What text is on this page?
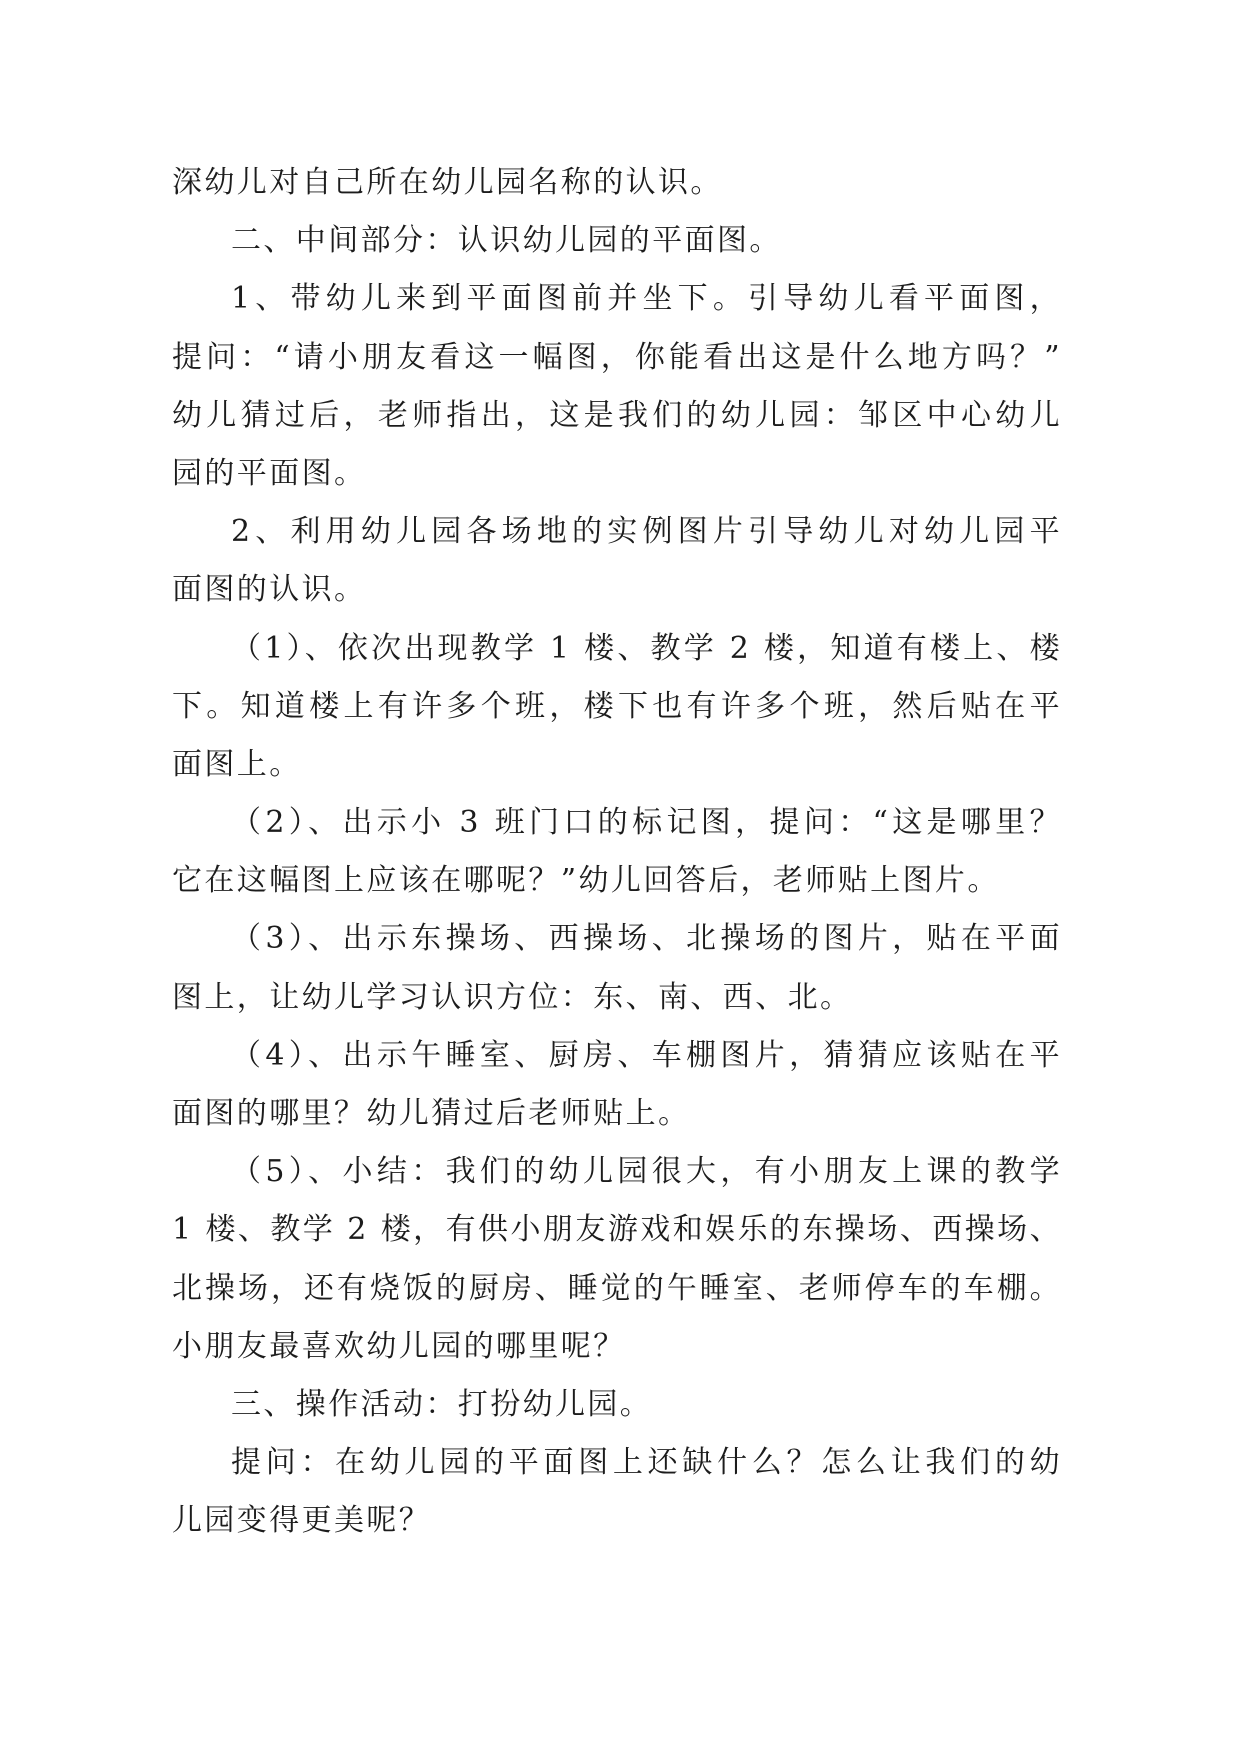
深幼儿对自己所在幼儿园名称的认识。

二、中间部分：认识幼儿园的平面图。

1、带幼儿来到平面图前并坐下。引导幼儿看平面图，
提问：“请小朋友看这一幅图，你能看出这是什么地方吗？”
幼儿猜过后，老师指出，这是我们的幼儿园：邹区中心幼儿
园的平面图。

2、利用幼儿园各场地的实例图片引导幼儿对幼儿园平
面图的认识。

（1）、依次出现教学 1 楼、教学 2 楼，知道有楼上、楼
下。知道楼上有许多个班，楼下也有许多个班，然后贴在平
面图上。

（2）、出示小 3 班门口的标记图，提问：“这是哪里？
它在这幅图上应该在哪呢？”幼儿回答后，老师贴上图片。

（3）、出示东操场、西操场、北操场的图片，贴在平面
图上，让幼儿学习认识方位：东、南、西、北。

（4）、出示午睡室、厨房、车棚图片，猜猜应该贴在平
面图的哪里？幼儿猜过后老师贴上。

（5）、小结：我们的幼儿园很大，有小朋友上课的教学
1 楼、教学 2 楼，有供小朋友游戏和娱乐的东操场、西操场、
北操场，还有烧饭的厨房、睡觉的午睡室、老师停车的车棚。
小朋友最喜欢幼儿园的哪里呢？

三、操作活动：打扮幼儿园。

提问：在幼儿园的平面图上还缺什么？怎么让我们的幼
儿园变得更美呢？
